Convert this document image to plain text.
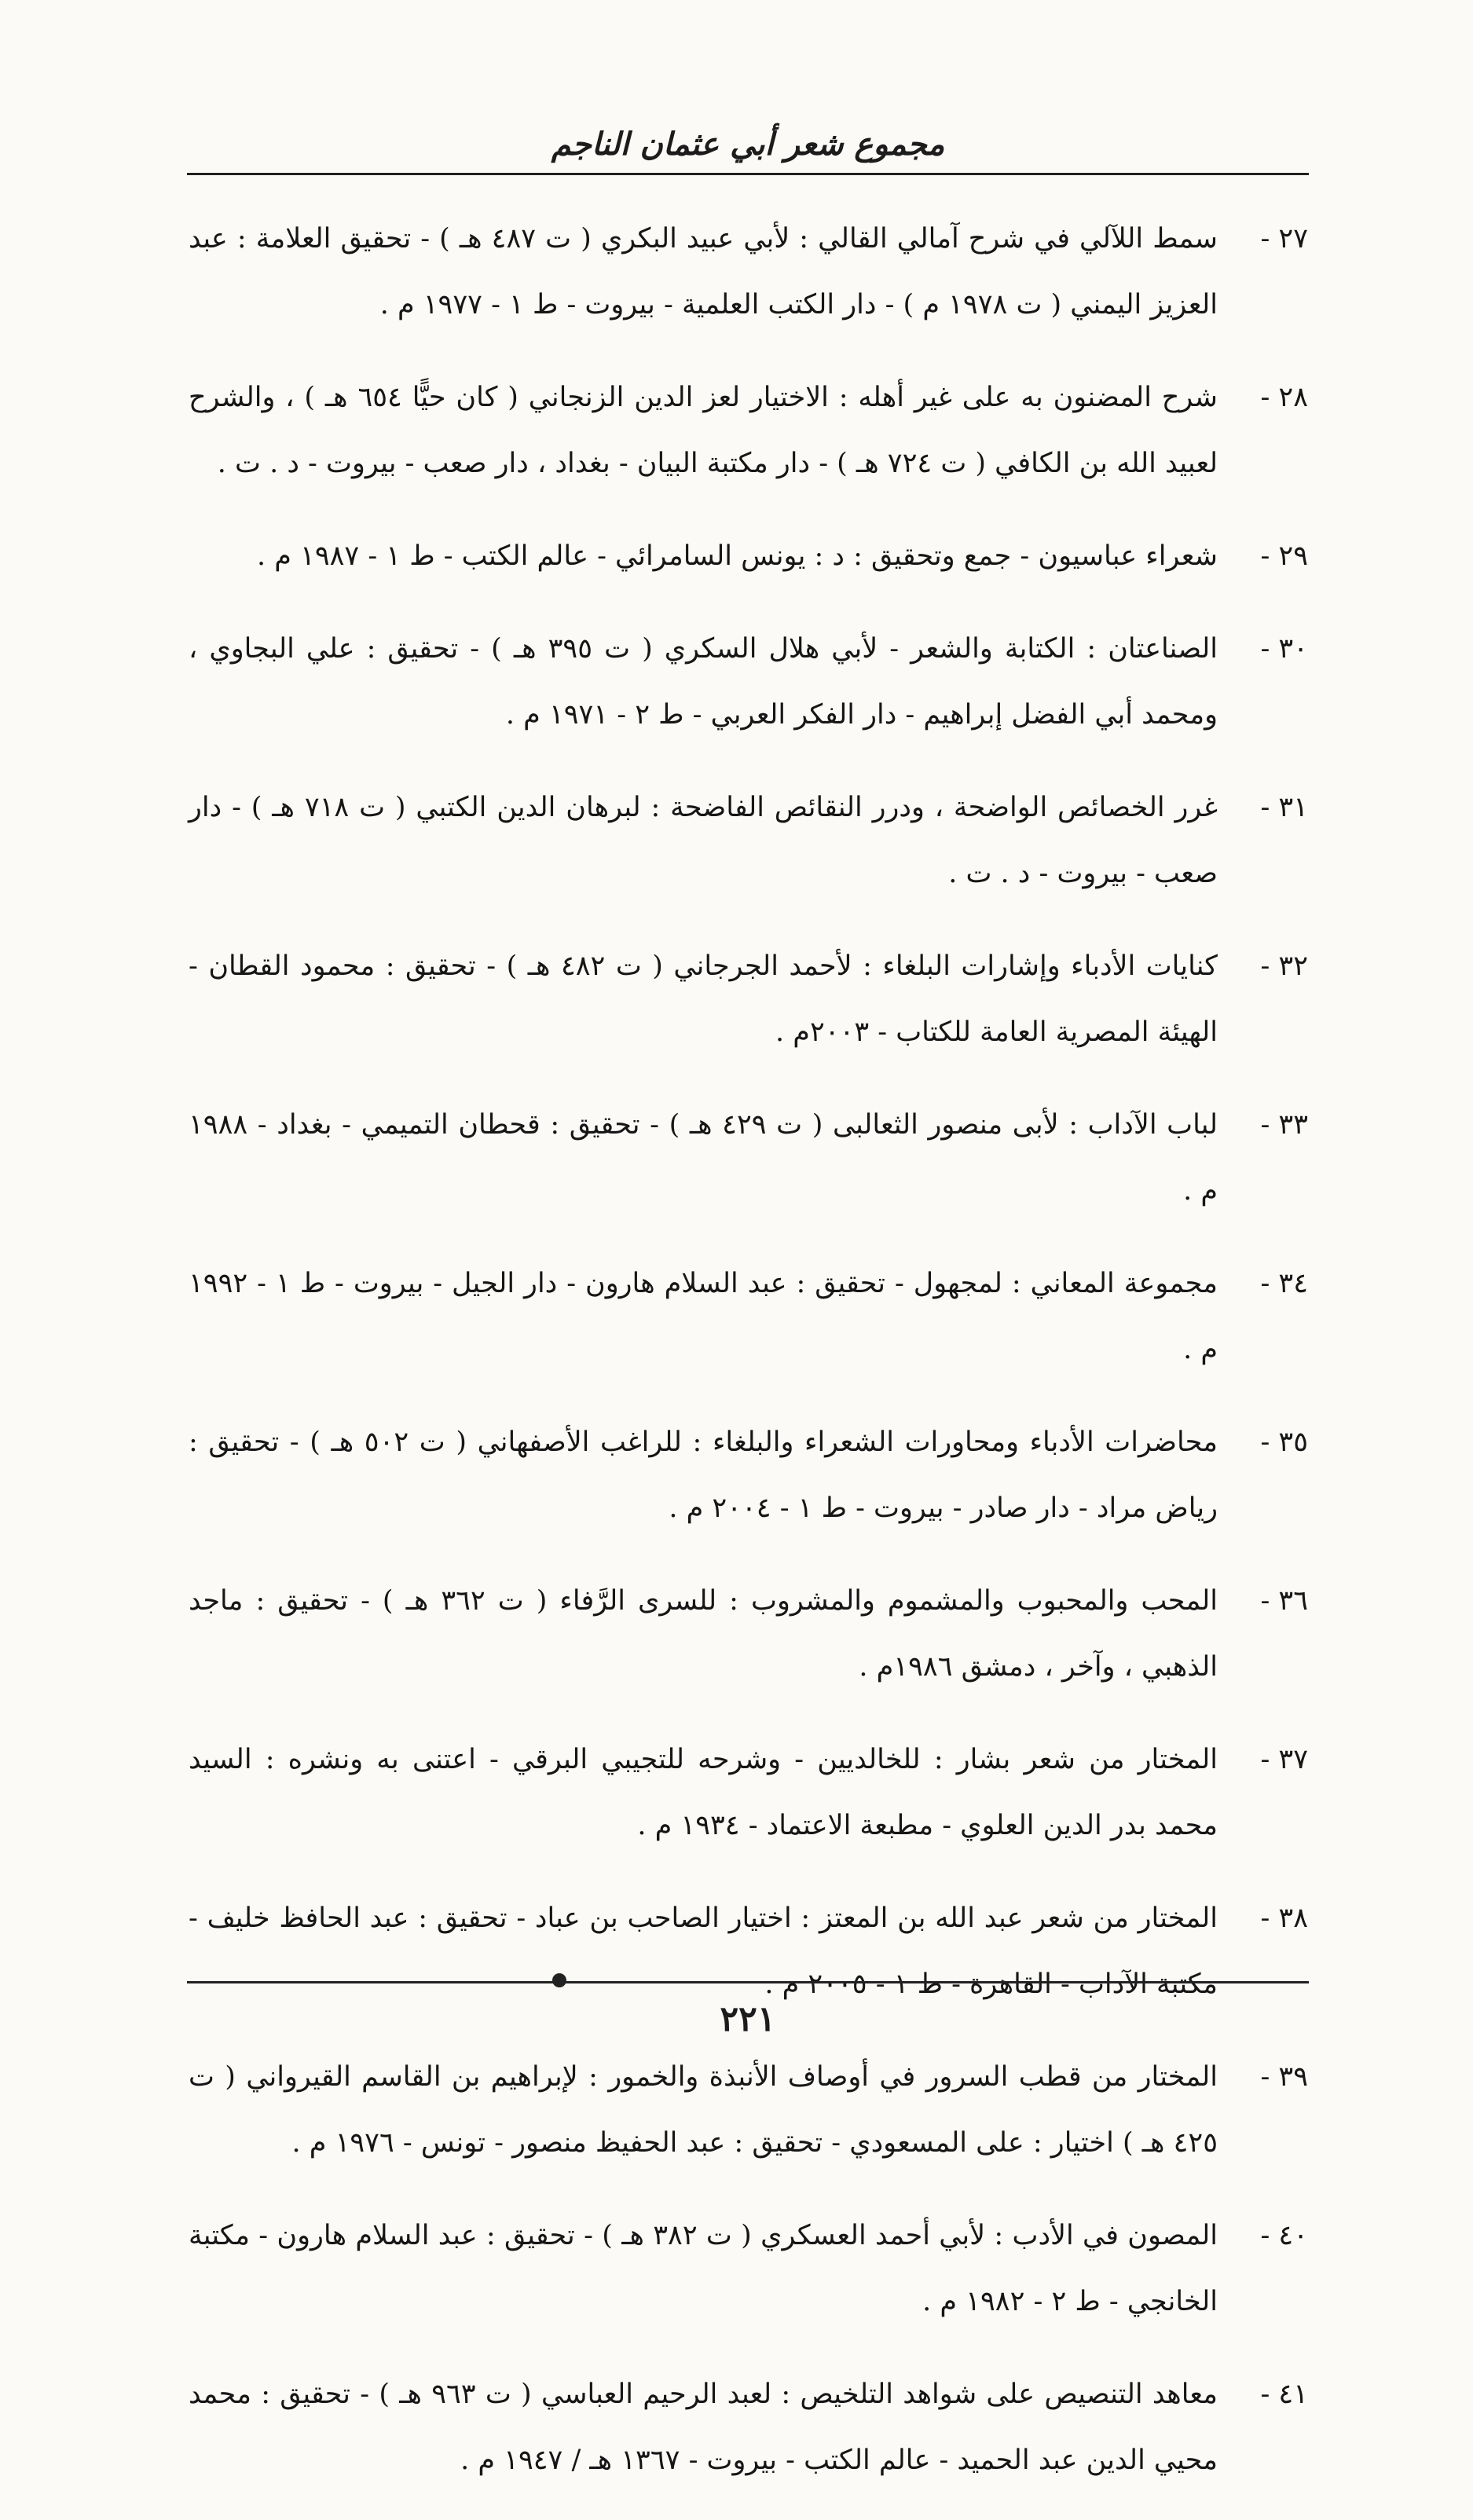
مجموع شعر أبي عثمان الناجم
٢٧ -
سمط اللآلي في شرح آمالي القالي : لأبي عبيد البكري ( ت ٤٨٧ هـ ) - تحقيق العلامة : عبد العزيز اليمني ( ت ١٩٧٨ م ) - دار الكتب العلمية - بيروت - ط ١ - ١٩٧٧ م .
٢٨ -
شرح المضنون به على غير أهله : الاختيار لعز الدين الزنجاني ( كان حيًّا ٦٥٤ هـ ) ، والشرح لعبيد الله بن الكافي ( ت ٧٢٤ هـ ) - دار مكتبة البيان - بغداد ، دار صعب - بيروت - د . ت .
٢٩ -
شعراء عباسيون - جمع وتحقيق : د : يونس السامرائي - عالم الكتب - ط ١ - ١٩٨٧ م .
٣٠ -
الصناعتان : الكتابة والشعر - لأبي هلال السكري ( ت ٣٩٥ هـ ) - تحقيق : علي البجاوي ، ومحمد أبي الفضل إبراهيم - دار الفكر العربي - ط ٢ - ١٩٧١ م .
٣١ -
غرر الخصائص الواضحة ، ودرر النقائص الفاضحة : لبرهان الدين الكتبي ( ت ٧١٨ هـ ) - دار صعب - بيروت - د . ت .
٣٢ -
كنايات الأدباء وإشارات البلغاء : لأحمد الجرجاني ( ت ٤٨٢ هـ ) - تحقيق : محمود القطان - الهيئة المصرية العامة للكتاب - ٢٠٠٣م .
٣٣ -
لباب الآداب : لأبى منصور الثعالبى ( ت ٤٢٩ هـ ) - تحقيق : قحطان التميمي - بغداد - ١٩٨٨ م .
٣٤ -
مجموعة المعاني : لمجهول - تحقيق : عبد السلام هارون - دار الجيل - بيروت - ط ١ - ١٩٩٢ م .
٣٥ -
محاضرات الأدباء ومحاورات الشعراء والبلغاء : للراغب الأصفهاني ( ت ٥٠٢ هـ ) - تحقيق : رياض مراد - دار صادر - بيروت - ط ١ - ٢٠٠٤ م .
٣٦ -
المحب والمحبوب والمشموم والمشروب : للسرى الرَّفاء ( ت ٣٦٢ هـ ) - تحقيق : ماجد الذهبي ، وآخر ، دمشق ١٩٨٦م .
٣٧ -
المختار من شعر بشار : للخالديين - وشرحه للتجيبي البرقي - اعتنى به ونشره : السيد محمد بدر الدين العلوي - مطبعة الاعتماد - ١٩٣٤ م .
٣٨ -
المختار من شعر عبد الله بن المعتز : اختيار الصاحب بن عباد - تحقيق : عبد الحافظ خليف - مكتبة الآداب - القاهرة - ط ١ - ٢٠٠٥ م .
٣٩ -
المختار من قطب السرور في أوصاف الأنبذة والخمور : لإبراهيم بن القاسم القيرواني ( ت ٤٢٥ هـ ) اختيار : على المسعودي - تحقيق : عبد الحفيظ منصور - تونس - ١٩٧٦ م .
٤٠ -
المصون في الأدب : لأبي أحمد العسكري ( ت ٣٨٢ هـ ) - تحقيق : عبد السلام هارون - مكتبة الخانجي - ط ٢ - ١٩٨٢ م .
٤١ -
معاهد التنصيص على شواهد التلخيص : لعبد الرحيم العباسي ( ت ٩٦٣ هـ ) - تحقيق : محمد محيي الدين عبد الحميد - عالم الكتب - بيروت - ١٣٦٧ هـ / ١٩٤٧ م .
٢٢١
